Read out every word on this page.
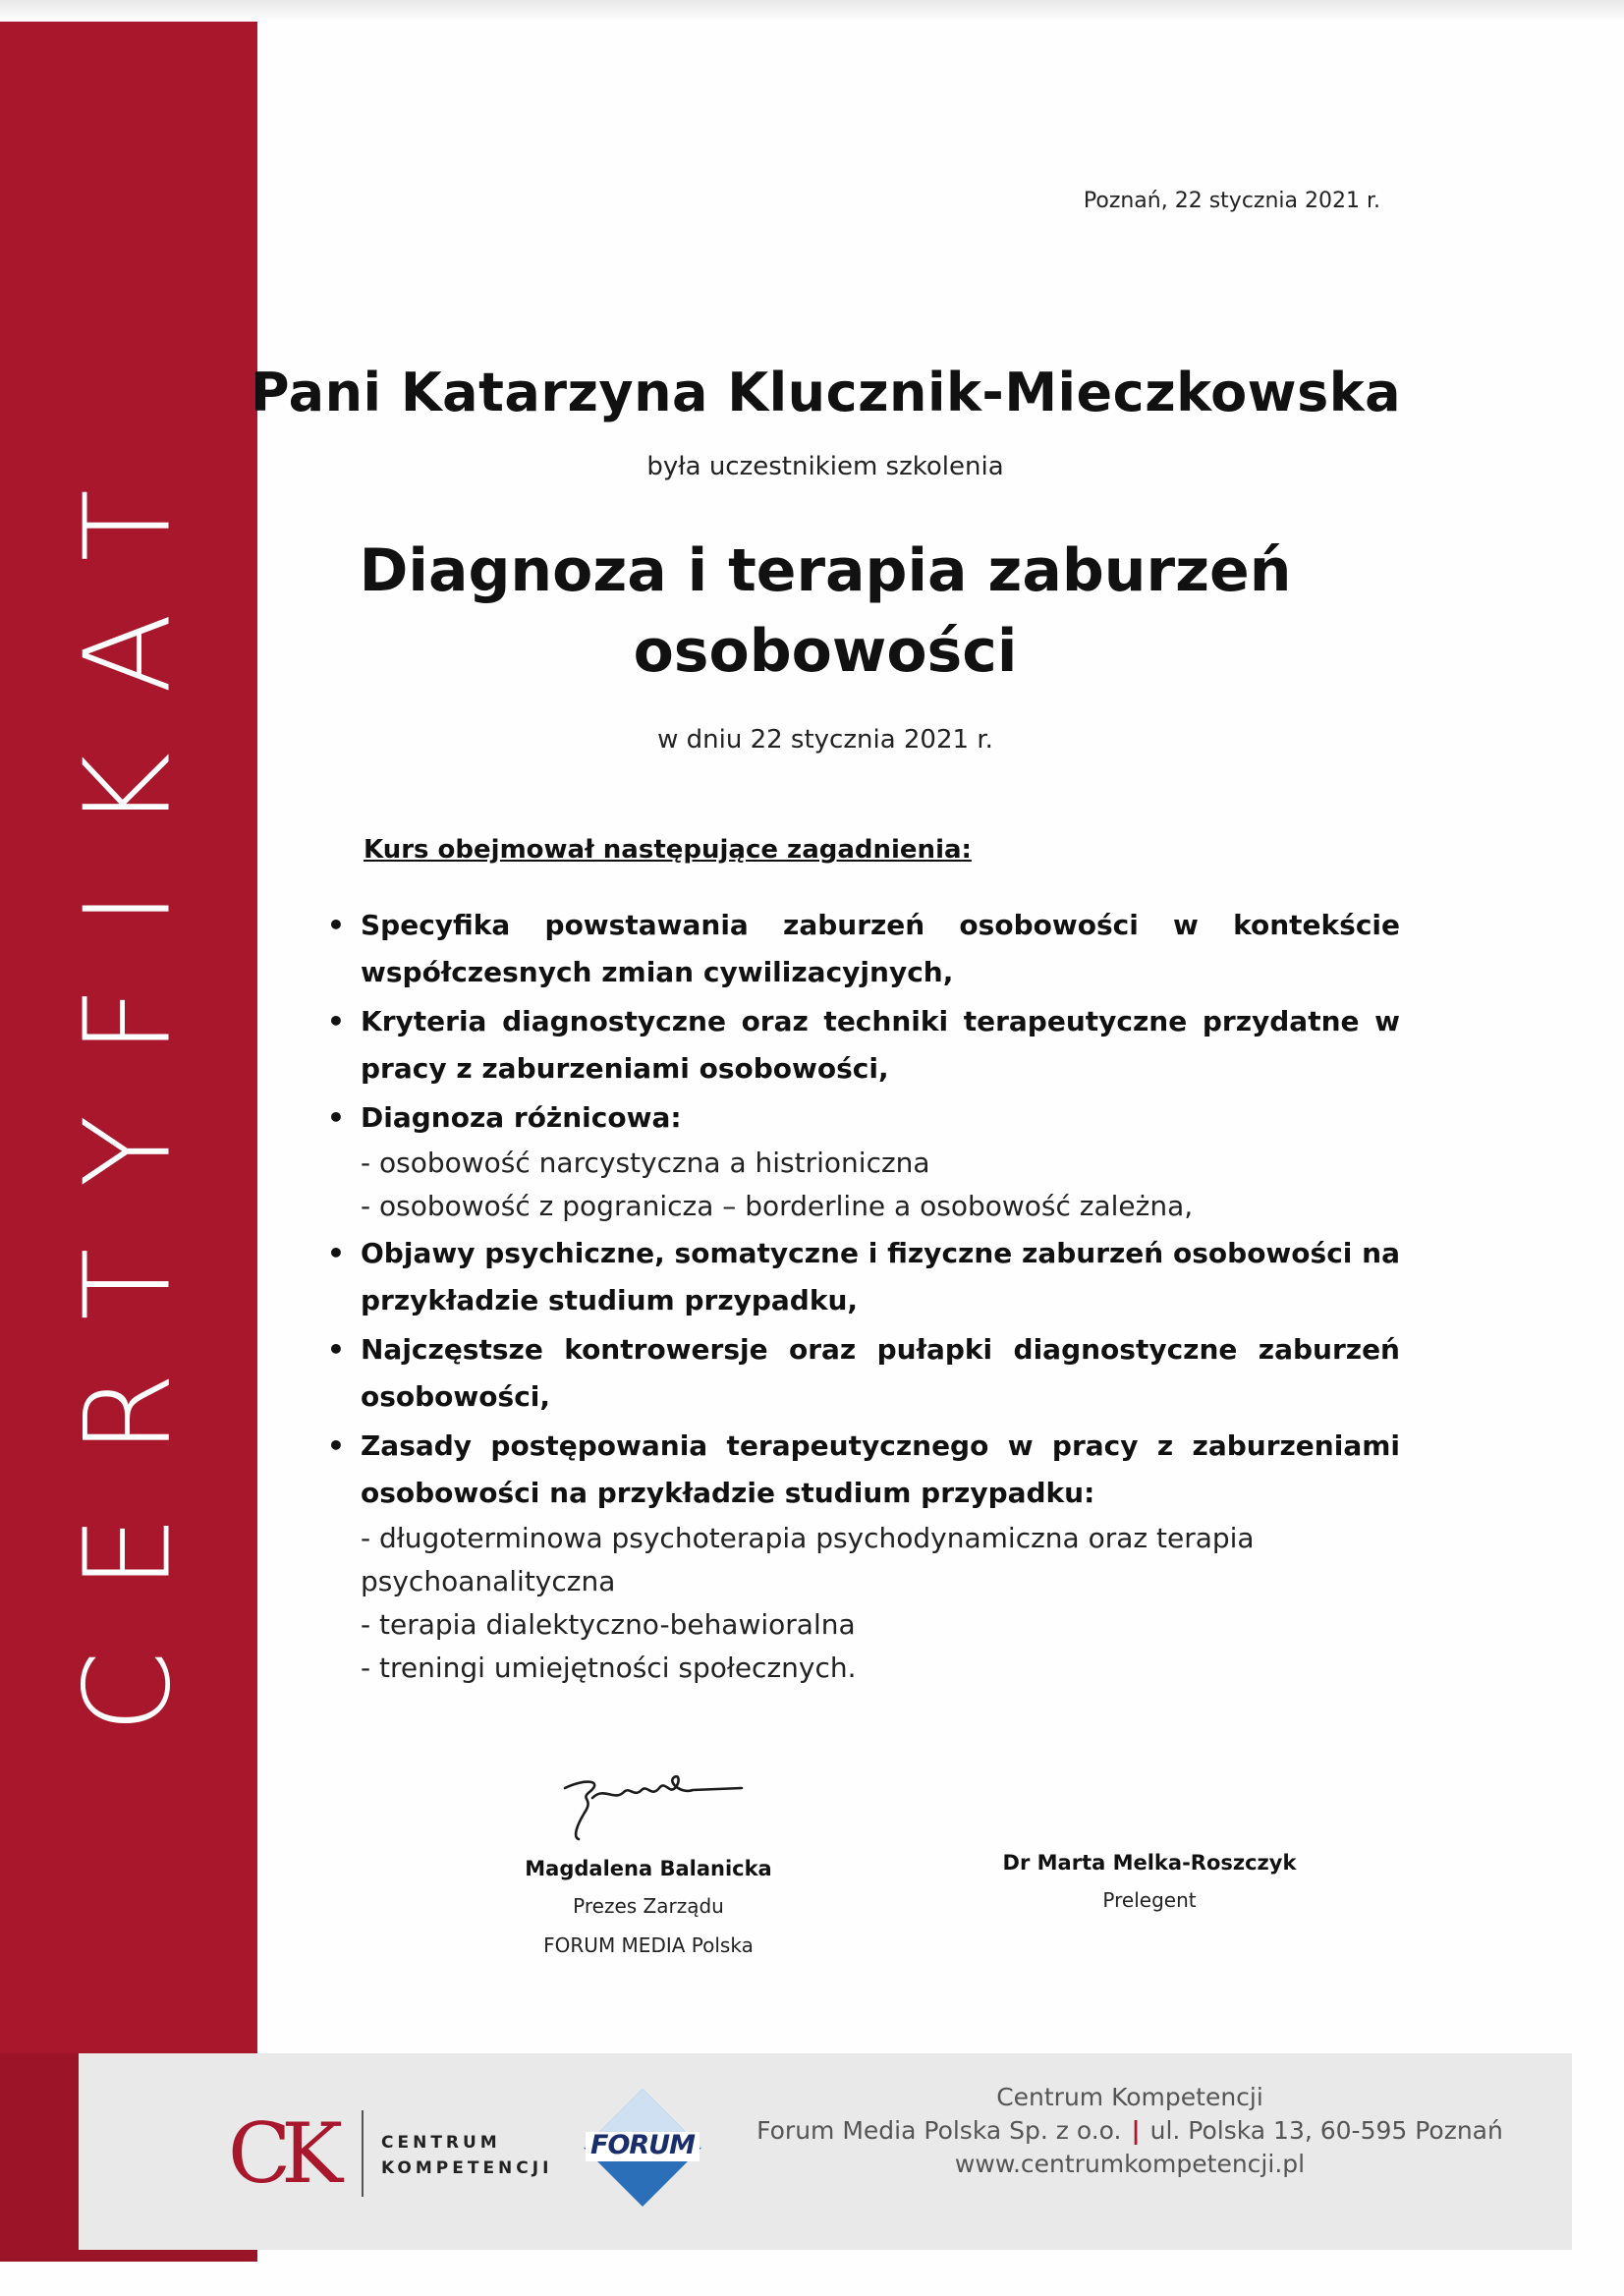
CERTYFIKAT
Poznań, 22 stycznia 2021 r.
Pani Katarzyna Klucznik-Mieczkowska
była uczestnikiem szkolenia
Diagnoza i terapia zaburzeń
osobowości
w dniu 22 stycznia 2021 r.
Kurs obejmował następujące zagadnienia:
• Specyfika powstawania zaburzeń osobowości w kontekście współczesnych zmian cywilizacyjnych,
• Kryteria diagnostyczne oraz techniki terapeutyczne przydatne w pracy z zaburzeniami osobowości,
• Diagnoza różnicowa:
- osobowość narcystyczna a histrioniczna
- osobowość z pogranicza – borderline a osobowość zależna,
• Objawy psychiczne, somatyczne i fizyczne zaburzeń osobowości na przykładzie studium przypadku,
• Najczęstsze kontrowersje oraz pułapki diagnostyczne zaburzeń osobowości,
• Zasady postępowania terapeutycznego w pracy z zaburzeniami osobowości na przykładzie studium przypadku:
- długoterminowa psychoterapia psychodynamiczna oraz terapia psychoanalityczna
- terapia dialektyczno-behawioralna
- treningi umiejętności społecznych.
Magdalena Balanicka
Prezes Zarządu
FORUM MEDIA Polska
Dr Marta Melka-Roszczyk
Prelegent
CK	CENTRUM
KOMPETENCJI
FORUM
Centrum Kompetencji
Forum Media Polska Sp. z o.o. | ul. Polska 13, 60-595 Poznań
www.centrumkompetencji.pl
